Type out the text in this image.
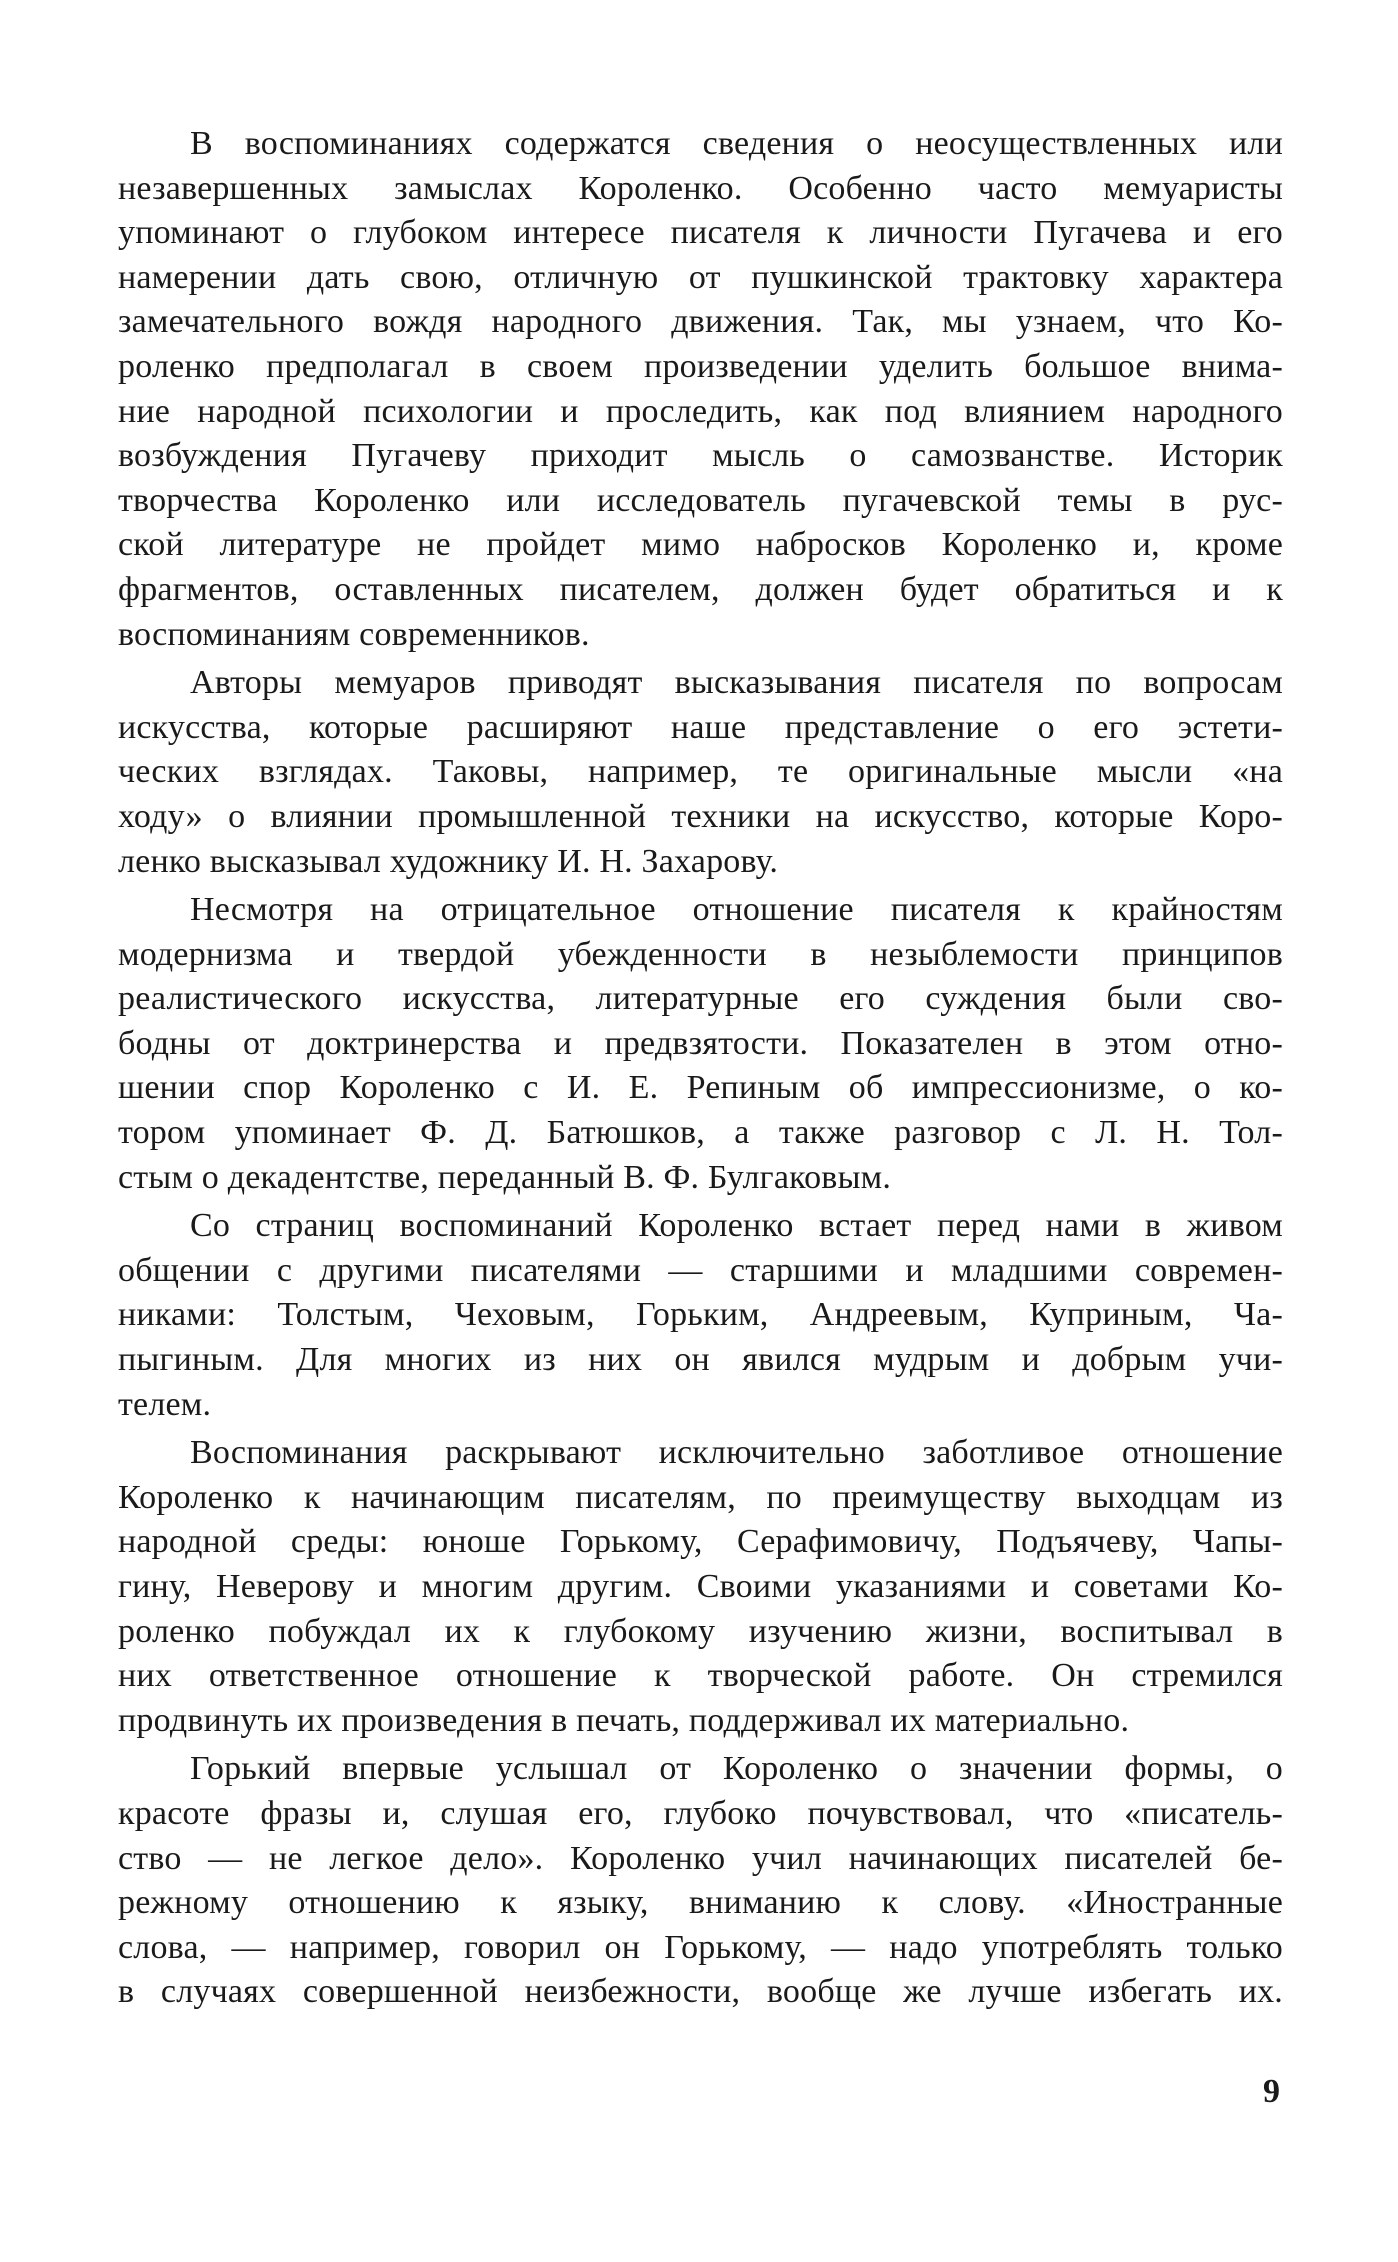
В воспоминаниях содержатся сведения о неосуществленных или
незавершенных замыслах Короленко. Особенно часто мемуаристы
упоминают о глубоком интересе писателя к личности Пугачева и его
намерении дать свою, отличную от пушкинской трактовку характера
замечательного вождя народного движения. Так, мы узнаем, что Ко-
роленко предполагал в своем произведении уделить большое внима-
ние народной психологии и проследить, как под влиянием народного
возбуждения Пугачеву приходит мысль о самозванстве. Историк
творчества Короленко или исследователь пугачевской темы в рус-
ской литературе не пройдет мимо набросков Короленко и, кроме
фрагментов, оставленных писателем, должен будет обратиться и к
воспоминаниям современников.
Авторы мемуаров приводят высказывания писателя по вопросам
искусства, которые расширяют наше представление о его эстети-
ческих взглядах. Таковы, например, те оригинальные мысли «на
ходу» о влиянии промышленной техники на искусство, которые Коро-
ленко высказывал художнику И. Н. Захарову.
Несмотря на отрицательное отношение писателя к крайностям
модернизма и твердой убежденности в незыблемости принципов
реалистического искусства, литературные его суждения были сво-
бодны от доктринерства и предвзятости. Показателен в этом отно-
шении спор Короленко с И. Е. Репиным об импрессионизме, о ко-
тором упоминает Ф. Д. Батюшков, а также разговор с Л. Н. Тол-
стым о декадентстве, переданный В. Ф. Булгаковым.
Со страниц воспоминаний Короленко встает перед нами в живом
общении с другими писателями — старшими и младшими современ-
никами: Толстым, Чеховым, Горьким, Андреевым, Куприным, Ча-
пыгиным. Для многих из них он явился мудрым и добрым учи-
телем.
Воспоминания раскрывают исключительно заботливое отношение
Короленко к начинающим писателям, по преимуществу выходцам из
народной среды: юноше Горькому, Серафимовичу, Подъячеву, Чапы-
гину, Неверову и многим другим. Своими указаниями и советами Ко-
роленко побуждал их к глубокому изучению жизни, воспитывал в
них ответственное отношение к творческой работе. Он стремился
продвинуть их произведения в печать, поддерживал их материально.
Горький впервые услышал от Короленко о значении формы, о
красоте фразы и, слушая его, глубоко почувствовал, что «писатель-
ство — не легкое дело». Короленко учил начинающих писателей бе-
режному отношению к языку, вниманию к слову. «Иностранные
слова, — например, говорил он Горькому, — надо употреблять только
в случаях совершенной неизбежности, вообще же лучше избегать их.
9
